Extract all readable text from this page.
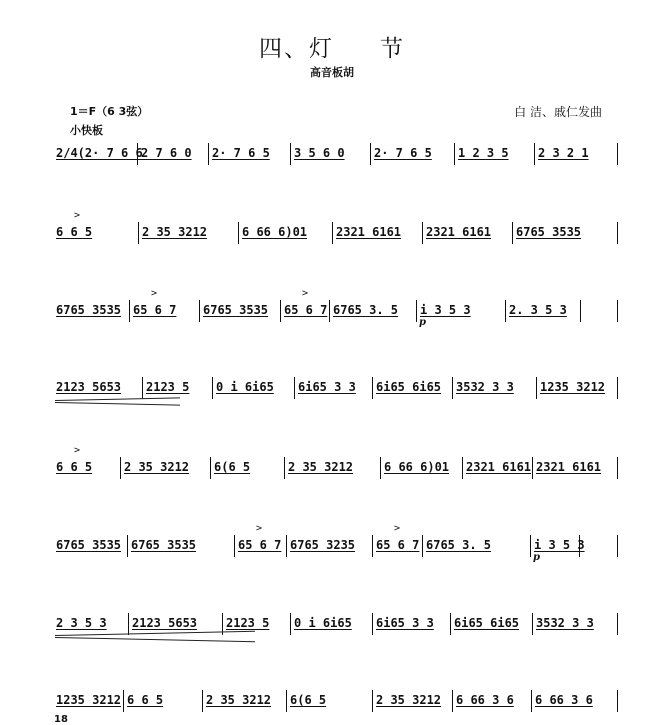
四、灯 节
高音板胡
1＝F（6 3弦）	白 洁、戚仁发曲
小快板
2/4(2· 7 6 6
2 7 6 0 2· 7 6 5 3 5 6 0 2· 7 6 5 1 2 3 5 2 3 2 1
6 6 5
>
2 35 3212	6 66 6)01 2321 6161 2321 6161 6765 3535
6765 3535 65 6 7
>
6765 3535 65 6 7
>
6765 3. 5 i 3 5 3
p
2. 3 5 3
2123 5653 2123 5 0 i 6i65 6i65 3 3 6i65 6i65 3532 3 3 1235 3212
6 6 5
>
2 35 3212 6(6 5	2 35 3212	6 66 6)01 2321 6161 2321 6161
6765 3535 6765 3535	65 6 7
>
6765 3235 65 6 7
>
6765 3. 5	i 3 5 3
p
2 3 5 3 2123 5653 2123 5 0 i 6i65 6i65 3 3 6i65 6i65 3532 3 3
1235 3212 6 6 5	2 35 3212 6(6 5	2 35 3212 6 66 3 6 6 66 3 6
18
